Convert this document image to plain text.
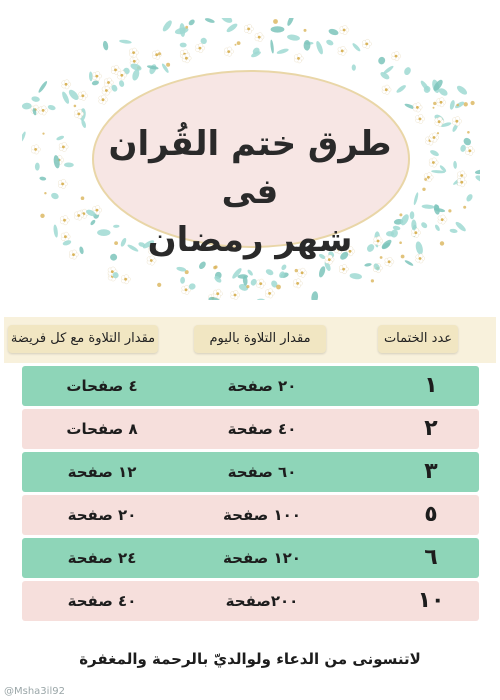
طرق ختم القُران فى
شهر رمضان
عدد الختمات
مقدار التلاوة باليوم
مقدار التلاوة مع كل فريضة
١
٢٠ صفحة
٤ صفحات
٢
٤٠ صفحة
٨ صفحات
٣
٦٠ صفحة
١٢ صفحة
٥
١٠٠ صفحة
٢٠ صفحة
٦
١٢٠ صفحة
٢٤ صفحة
١٠
٢٠٠صفحة
٤٠ صفحة
لاتنسونى من الدعاء ولوالديّ بالرحمة والمغفرة
@Msha3il92
